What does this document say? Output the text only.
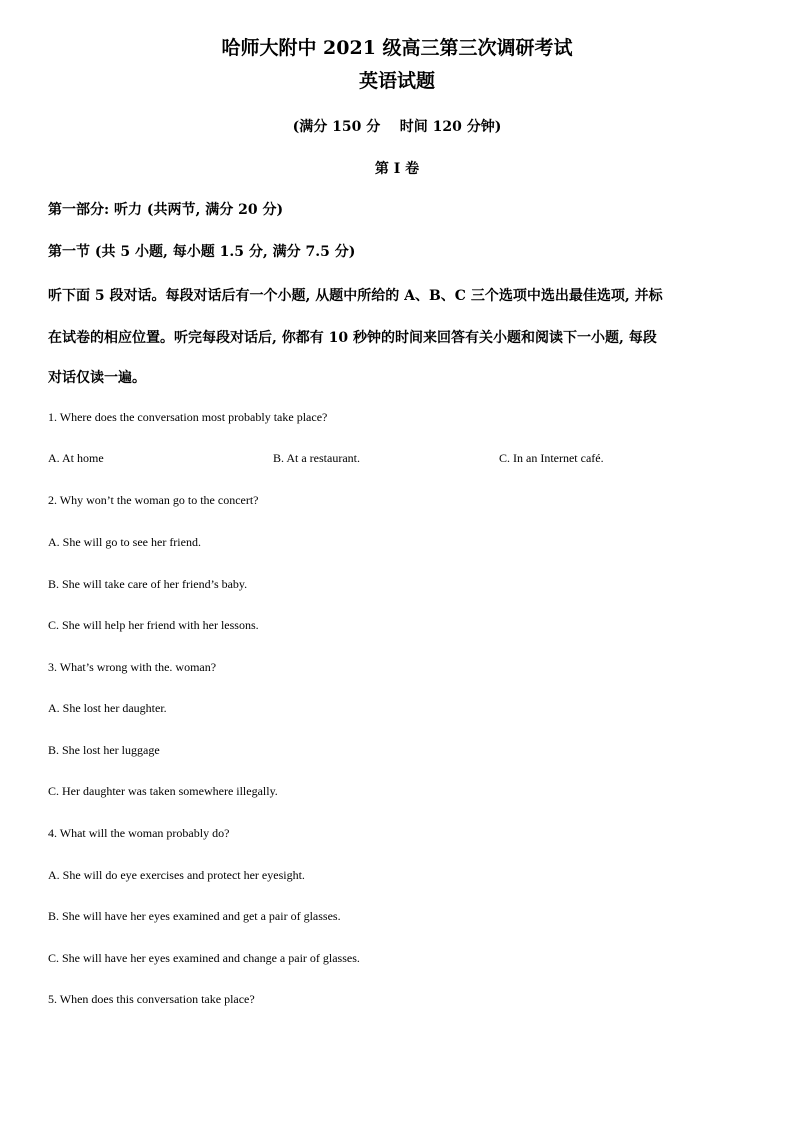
哈师大附中 2021 级高三第三次调研考试
英语试题
(满分 150 分    时间 120 分钟)
第 I 卷
第一部分: 听力 (共两节, 满分 20 分)
第一节 (共 5 小题, 每小题 1.5 分, 满分 7.5 分)
听下面 5 段对话。每段对话后有一个小题, 从题中所给的 A、B、C 三个选项中选出最佳选项, 并标
在试卷的相应位置。听完每段对话后, 你都有 10 秒钟的时间来回答有关小题和阅读下一小题, 每段
对话仅读一遍。
1. Where does the conversation most probably take place?
A. At home	B. At a restaurant.	C. In an Internet café.
2. Why won’t the woman go to the concert?
A. She will go to see her friend.
B. She will take care of her friend’s baby.
C. She will help her friend with her lessons.
3. What’s wrong with the. woman?
A. She lost her daughter.
B. She lost her luggage
C. Her daughter was taken somewhere illegally.
4. What will the woman probably do?
A. She will do eye exercises and protect her eyesight.
B. She will have her eyes examined and get a pair of glasses.
C. She will have her eyes examined and change a pair of glasses.
5. When does this conversation take place?
